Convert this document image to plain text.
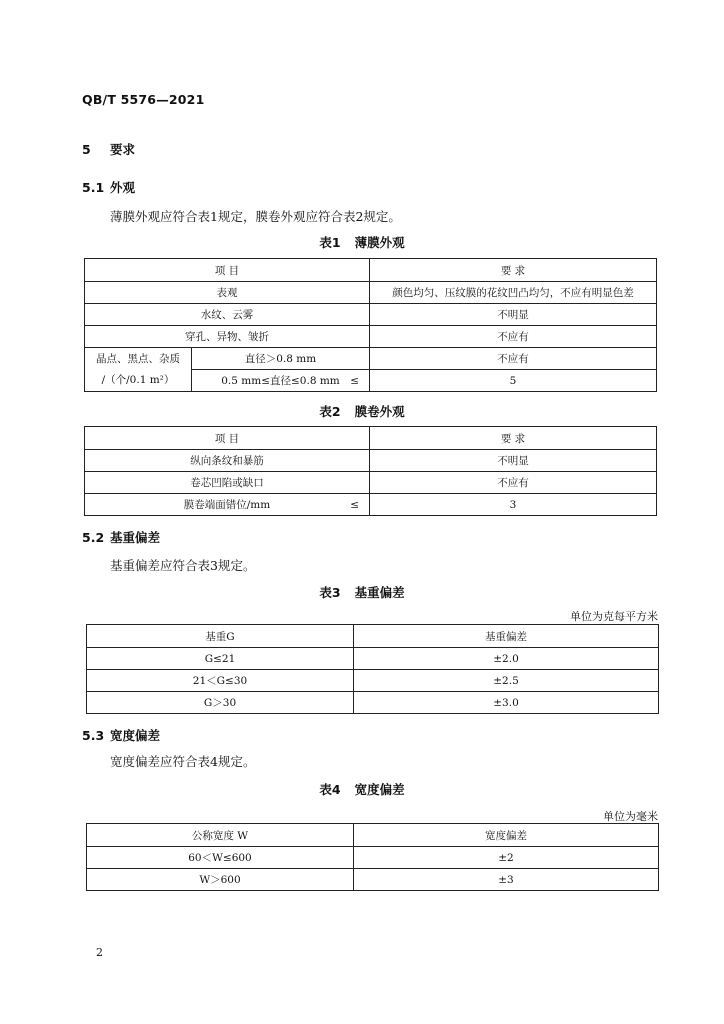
QB/T 5576—2021
5 要求
5.1 外观
薄膜外观应符合表1规定，膜卷外观应符合表2规定。
表1 薄膜外观
项 目		要 求
表观		颜色均匀、压纹膜的花纹凹凸均匀，不应有明显色差
水纹、云雾		不明显
穿孔、异物、皱折		不应有

晶点、黑点、杂质
/（个/0.1 m²）	直径＞0.8 mm	不应有
	0.5 mm≤直径≤0.8 mm ≤	5
表2 膜卷外观
项 目	要 求
纵向条纹和暴筋	不明显
卷芯凹陷或缺口	不应有
膜卷端面错位/mm ≤	3
5.2 基重偏差
基重偏差应符合表3规定。
表3 基重偏差
单位为克每平方米
基重G	基重偏差
G≤21	±2.0
21＜G≤30	±2.5
G＞30	±3.0
5.3 宽度偏差
宽度偏差应符合表4规定。
表4 宽度偏差
单位为毫米
公称宽度 W	宽度偏差
60＜W≤600	±2
W＞600	±3
2
